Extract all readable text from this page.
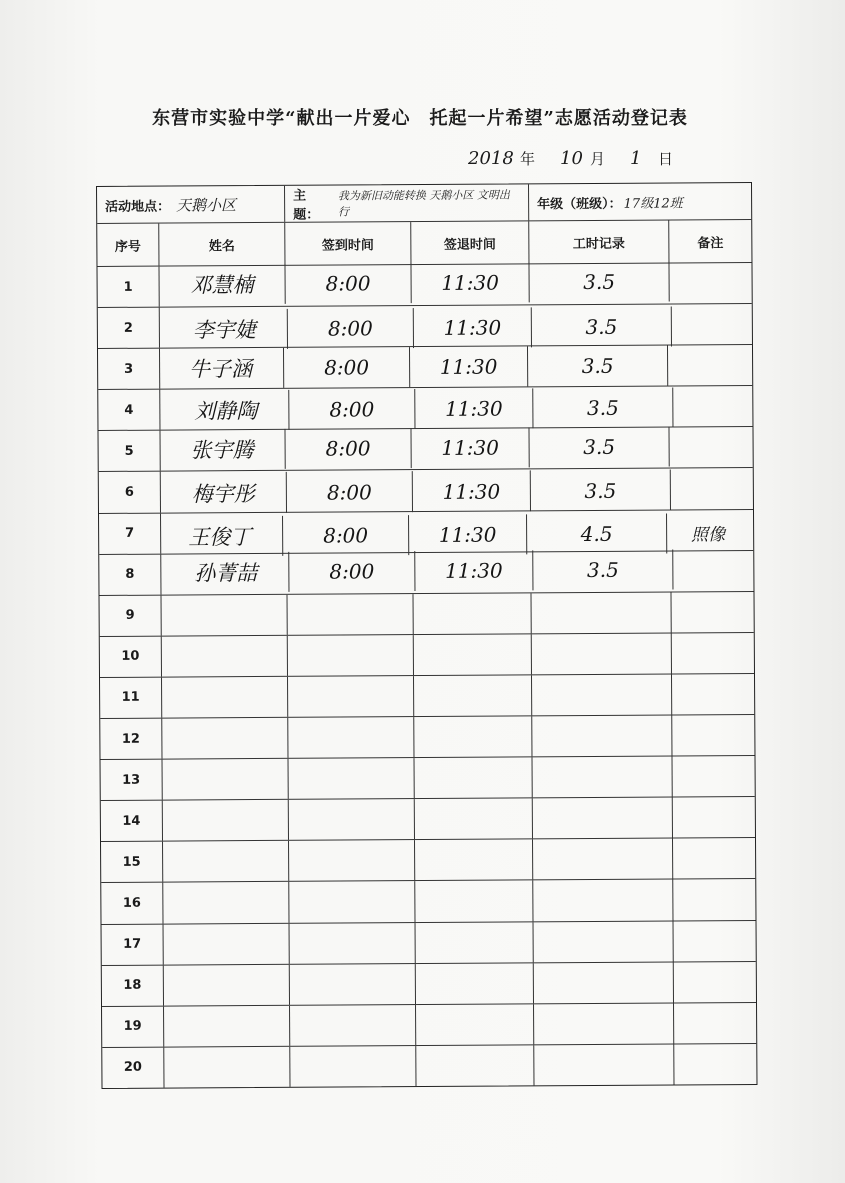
东营市实验中学“献出一片爱心　托起一片希望”志愿活动登记表
2018 年 10 月 1 日
活动地点： 天鹅小区	主题：
我为新旧动能转换 天鹅小区 文明出行
年级（班级）： 17级12班
序号	姓名	签到时间	签退时间	工时记录	备注
1	邓慧楠	8:00	11:30	3.5
2	李宇婕	8:00	11:30	3.5
3	牛子涵	8:00	11:30	3.5
4	刘静陶	8:00	11:30	3.5
5	张宇腾	8:00	11:30	3.5
6	梅宇彤	8:00	11:30	3.5
7	王俊丁	8:00	11:30	4.5	照像
8	孙菁喆	8:00	11:30	3.5
9
10
11
12
13
14
15
16
17
18
19
20
